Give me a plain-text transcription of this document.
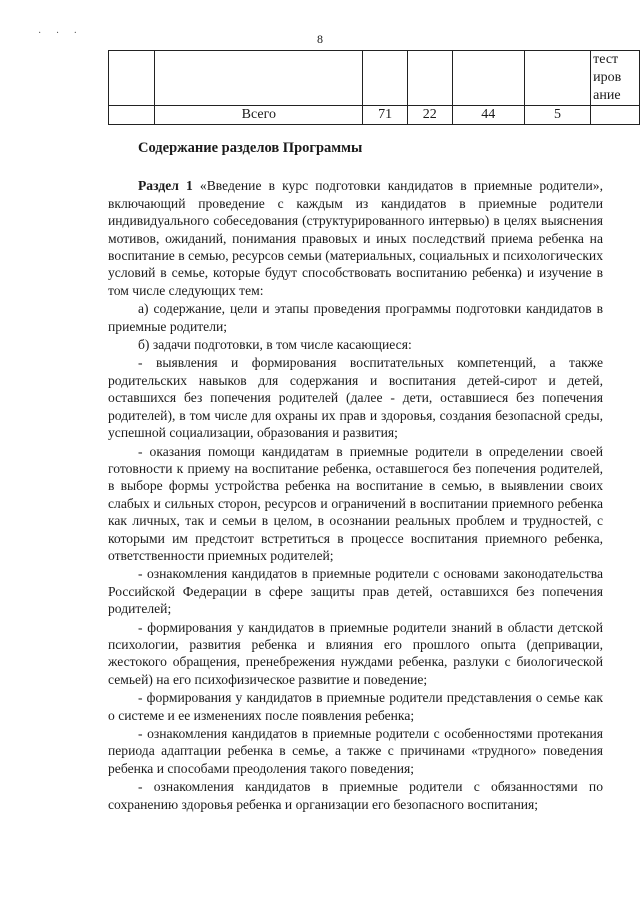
· · ·	8

						тест
иров
ание

	Всего	71	22	44	5	
Содержание разделов Программы

Раздел 1 «Введение в курс подготовки кандидатов в приемные родители», включающий проведение с каждым из кандидатов в приемные родители индивидуального собеседования (структурированного интервью) в целях выяснения мотивов, ожиданий, понимания правовых и иных последствий приема ребенка на воспитание в семью, ресурсов семьи (материальных, социальных и психологических условий в семье, которые будут способствовать воспитанию ребенка) и изучение в том числе следующих тем:

а) содержание, цели и этапы проведения программы подготовки кандидатов в приемные родители;

б) задачи подготовки, в том числе касающиеся:

- выявления и формирования воспитательных компетенций, а также родительских навыков для содержания и воспитания детей-сирот и детей, оставшихся без попечения родителей (далее - дети, оставшиеся без попечения родителей), в том числе для охраны их прав и здоровья, создания безопасной среды, успешной социализации, образования и развития;

- оказания помощи кандидатам в приемные родители в определении своей готовности к приему на воспитание ребенка, оставшегося без попечения родителей, в выборе формы устройства ребенка на воспитание в семью, в выявлении своих слабых и сильных сторон, ресурсов и ограничений в воспитании приемного ребенка как личных, так и семьи в целом, в осознании реальных проблем и трудностей, с которыми им предстоит встретиться в процессе воспитания приемного ребенка, ответственности приемных родителей;

- ознакомления кандидатов в приемные родители с основами законодательства Российской Федерации в сфере защиты прав детей, оставшихся без попечения родителей;

- формирования у кандидатов в приемные родители знаний в области детской психологии, развития ребенка и влияния его прошлого опыта (депривации, жестокого обращения, пренебрежения нуждами ребенка, разлуки с биологической семьей) на его психофизическое развитие и поведение;

- формирования у кандидатов в приемные родители представления о семье как о системе и ее изменениях после появления ребенка;

- ознакомления кандидатов в приемные родители с особенностями протекания периода адаптации ребенка в семье, а также с причинами «трудного» поведения ребенка и способами преодоления такого поведения;

- ознакомления кандидатов в приемные родители с обязанностями по сохранению здоровья ребенка и организации его безопасного воспитания;
